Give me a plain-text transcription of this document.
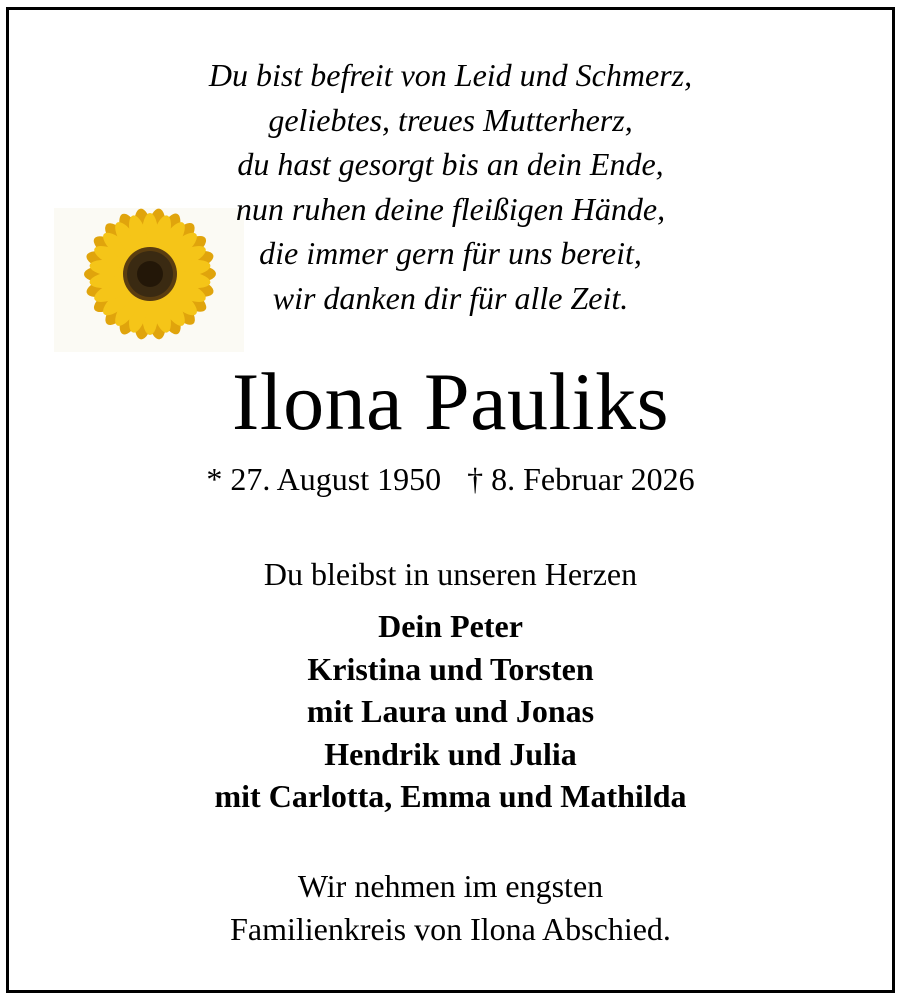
Du bist befreit von Leid und Schmerz,
geliebtes, treues Mutterherz,
du hast gesorgt bis an dein Ende,
nun ruhen deine fleißigen Hände,
die immer gern für uns bereit,
wir danken dir für alle Zeit.
Ilona Pauliks
* 27. August 1950 † 8. Februar 2026
Du bleibst in unseren Herzen
Dein Peter
Kristina und Torsten
mit Laura und Jonas
Hendrik und Julia
mit Carlotta, Emma und Mathilda
Wir nehmen im engsten
Familienkreis von Ilona Abschied.
